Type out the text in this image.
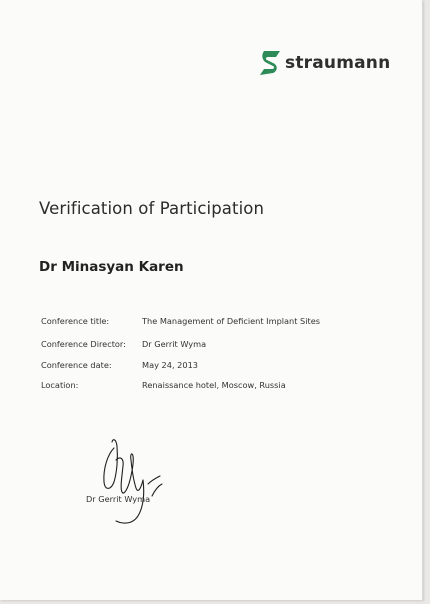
straumann
Verification of Participation
Dr Minasyan Karen
Conference title:	The Management of Deficient Implant Sites
Conference Director: Dr Gerrit Wyma
Conference date:	May 24, 2013
Location:	Renaissance hotel, Moscow, Russia
Dr Gerrit Wyma
